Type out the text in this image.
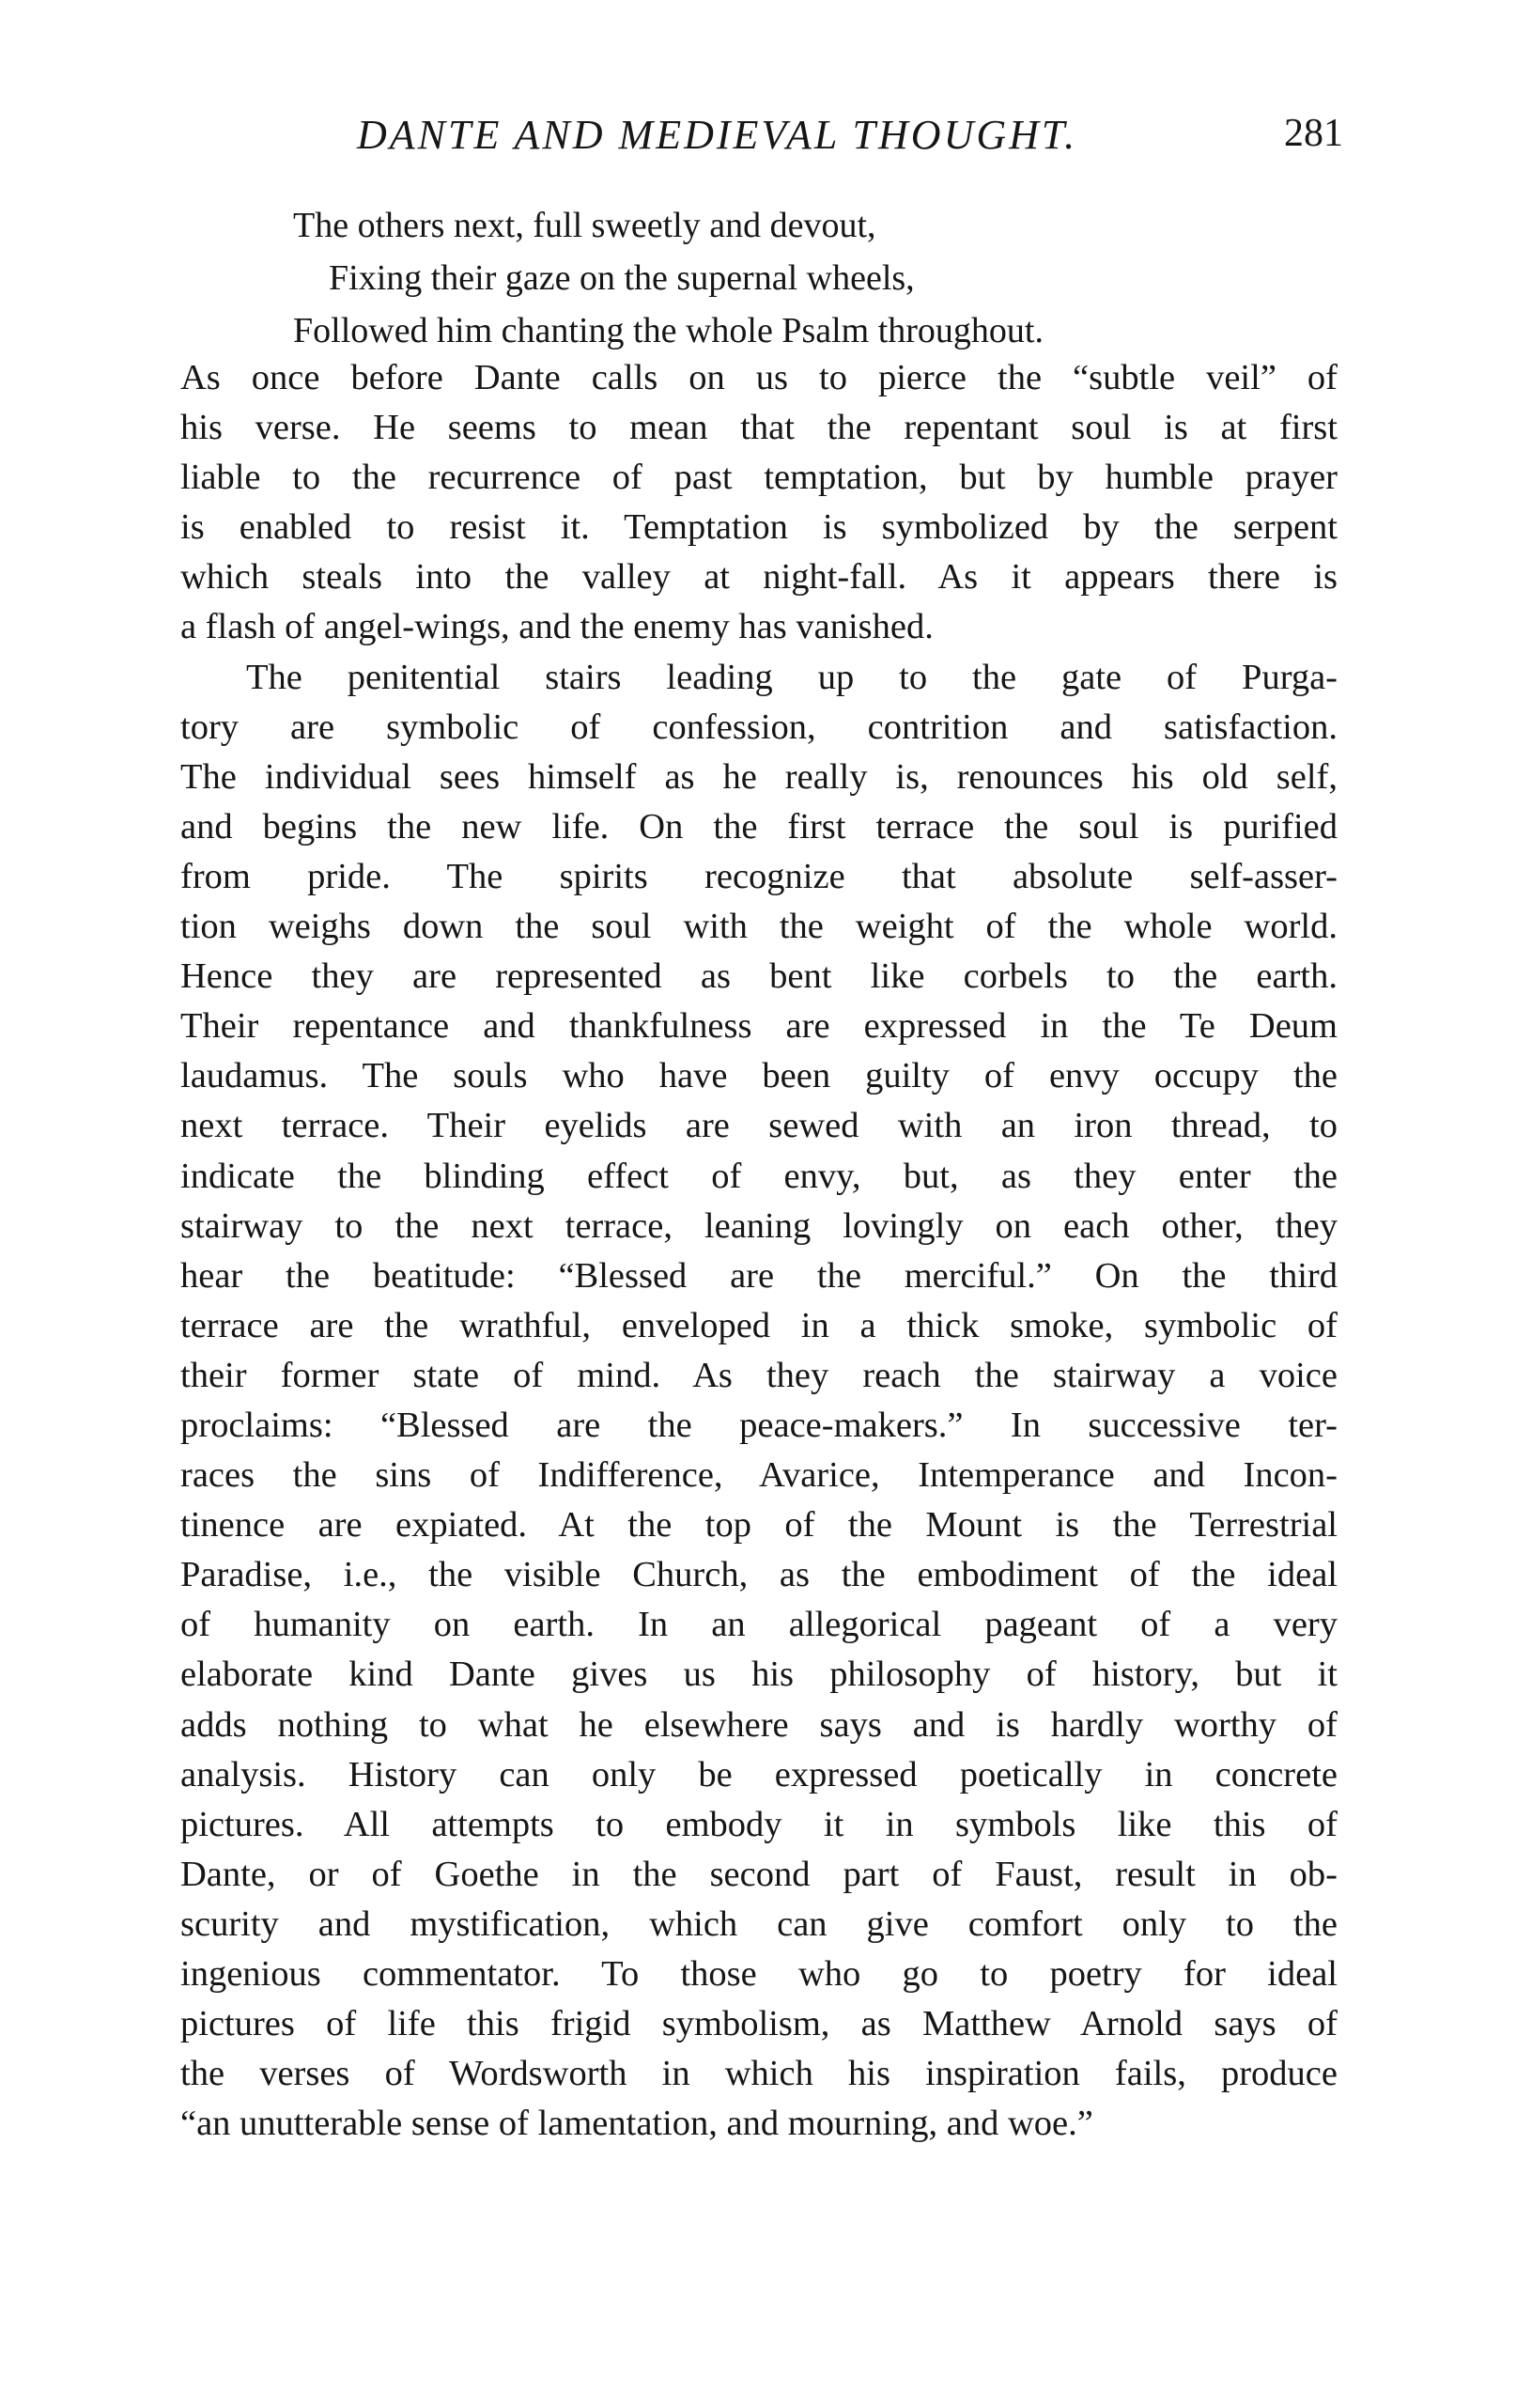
DANTE AND MEDIEVAL THOUGHT.	281
The others next, full sweetly and devout,
Fixing their gaze on the supernal wheels,
Followed him chanting the whole Psalm throughout.
As once before Dante calls on us to pierce the “subtle veil” of
his verse. He seems to mean that the repentant soul is at first
liable to the recurrence of past temptation, but by humble prayer
is enabled to resist it. Temptation is symbolized by the serpent
which steals into the valley at night-fall. As it appears there is
a flash of angel-wings, and the enemy has vanished.
The penitential stairs leading up to the gate of Purga-
tory are symbolic of confession, contrition and satisfaction.
The individual sees himself as he really is, renounces his old self,
and begins the new life. On the first terrace the soul is purified
from pride. The spirits recognize that absolute self-asser-
tion weighs down the soul with the weight of the whole world.
Hence they are represented as bent like corbels to the earth.
Their repentance and thankfulness are expressed in the Te Deum
laudamus. The souls who have been guilty of envy occupy the
next terrace. Their eyelids are sewed with an iron thread, to
indicate the blinding effect of envy, but, as they enter the
stairway to the next terrace, leaning lovingly on each other, they
hear the beatitude: “Blessed are the merciful.” On the third
terrace are the wrathful, enveloped in a thick smoke, symbolic of
their former state of mind. As they reach the stairway a voice
proclaims: “Blessed are the peace-makers.” In successive ter-
races the sins of Indifference, Avarice, Intemperance and Incon-
tinence are expiated. At the top of the Mount is the Terrestrial
Paradise, i.e., the visible Church, as the embodiment of the ideal
of humanity on earth. In an allegorical pageant of a very
elaborate kind Dante gives us his philosophy of history, but it
adds nothing to what he elsewhere says and is hardly worthy of
analysis. History can only be expressed poetically in concrete
pictures. All attempts to embody it in symbols like this of
Dante, or of Goethe in the second part of Faust, result in ob-
scurity and mystification, which can give comfort only to the
ingenious commentator. To those who go to poetry for ideal
pictures of life this frigid symbolism, as Matthew Arnold says of
the verses of Wordsworth in which his inspiration fails, produce
“an unutterable sense of lamentation, and mourning, and woe.”
